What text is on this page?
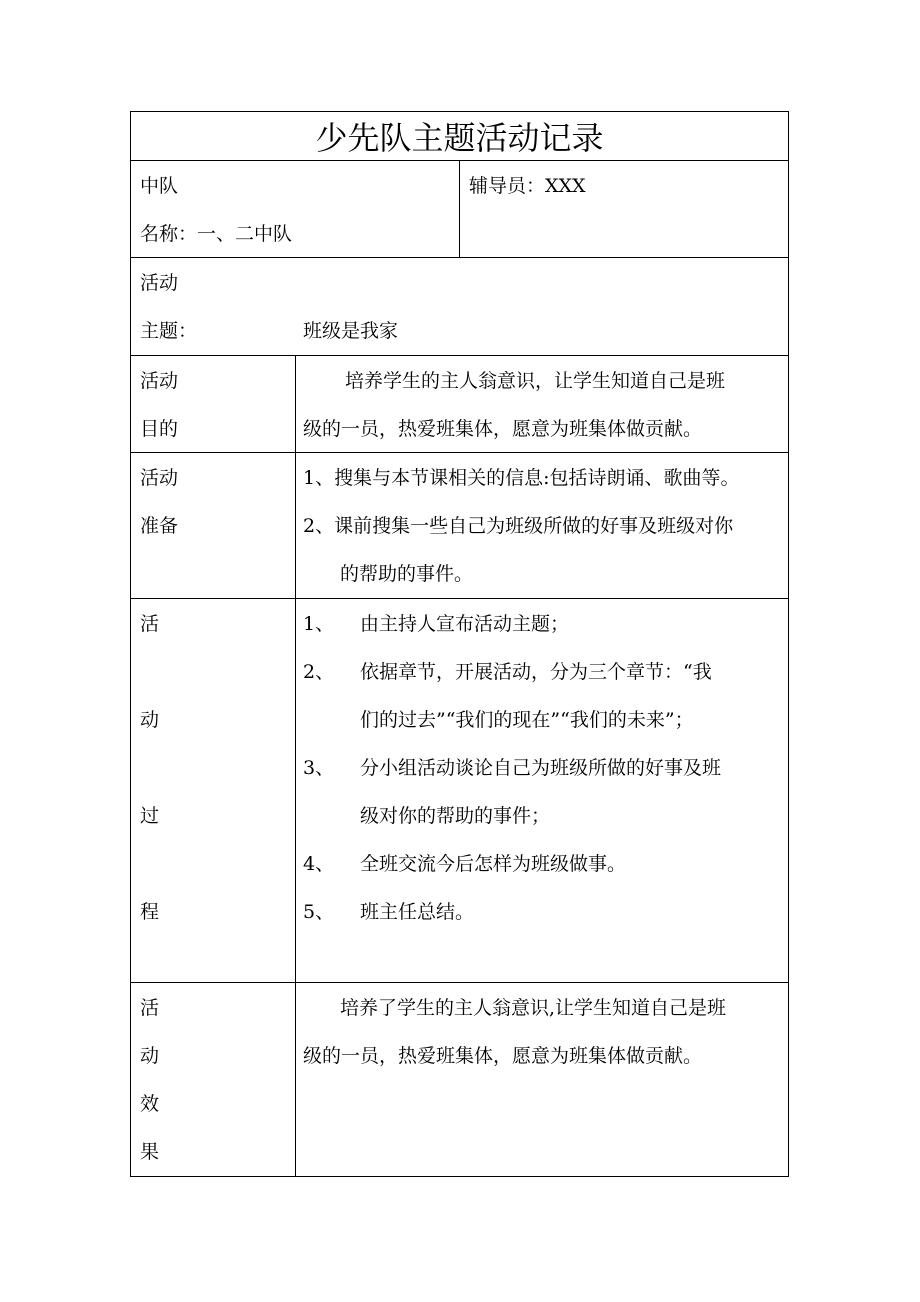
少先队主题活动记录
中队
名称：一、二中队
辅导员：XXX
活动
主题：	班级是我家
活动
目的
培养学生的主人翁意识，让学生知道自己是班
级的一员，热爱班集体，愿意为班集体做贡献。
活动
准备
1、搜集与本节课相关的信息:包括诗朗诵、歌曲等。
2、课前搜集一些自己为班级所做的好事及班级对你
的帮助的事件。
活
动
过
程
1、 由主持人宣布活动主题；
2、 依据章节，开展活动，分为三个章节：“我
们的过去”“我们的现在”“我们的未来”；
3、 分小组活动谈论自己为班级所做的好事及班
级对你的帮助的事件；
4、 全班交流今后怎样为班级做事。
5、 班主任总结。
活
动
效
果
培养了学生的主人翁意识,让学生知道自己是班
级的一员，热爱班集体，愿意为班集体做贡献。
